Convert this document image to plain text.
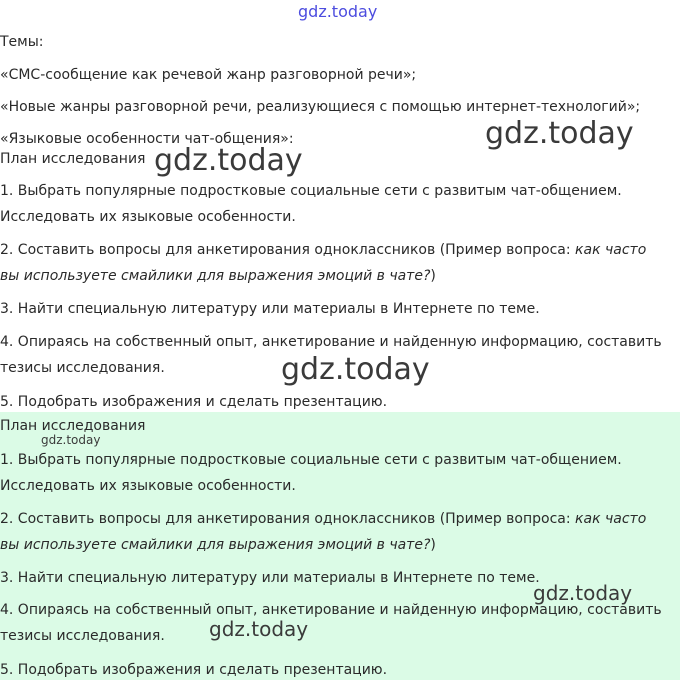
gdz.today
Темы:
«СМС-сообщение как речевой жанр разговорной речи»;
«Новые жанры разговорной речи, реализующиеся с помощью интернет-технологий»;
«Языковые особенности чат-общения»:
План исследования
1. Выбрать популярные подростковые социальные сети с развитым чат-общением.
Исследовать их языковые особенности.
2. Составить вопросы для анкетирования одноклассников (Пример вопроса: как часто
вы используете смайлики для выражения эмоций в чате?)
3. Найти специальную литературу или материалы в Интернете по теме.
4. Опираясь на собственный опыт, анкетирование и найденную информацию, составить
тезисы исследования.
5. Подобрать изображения и сделать презентацию.
План исследования
1. Выбрать популярные подростковые социальные сети с развитым чат-общением.
Исследовать их языковые особенности.
2. Составить вопросы для анкетирования одноклассников (Пример вопроса: как часто
вы используете смайлики для выражения эмоций в чате?)
3. Найти специальную литературу или материалы в Интернете по теме.
4. Опираясь на собственный опыт, анкетирование и найденную информацию, составить
тезисы исследования.
5. Подобрать изображения и сделать презентацию.
gdz.today
gdz.today
gdz.today
gdz.today
gdz.today
gdz.today
